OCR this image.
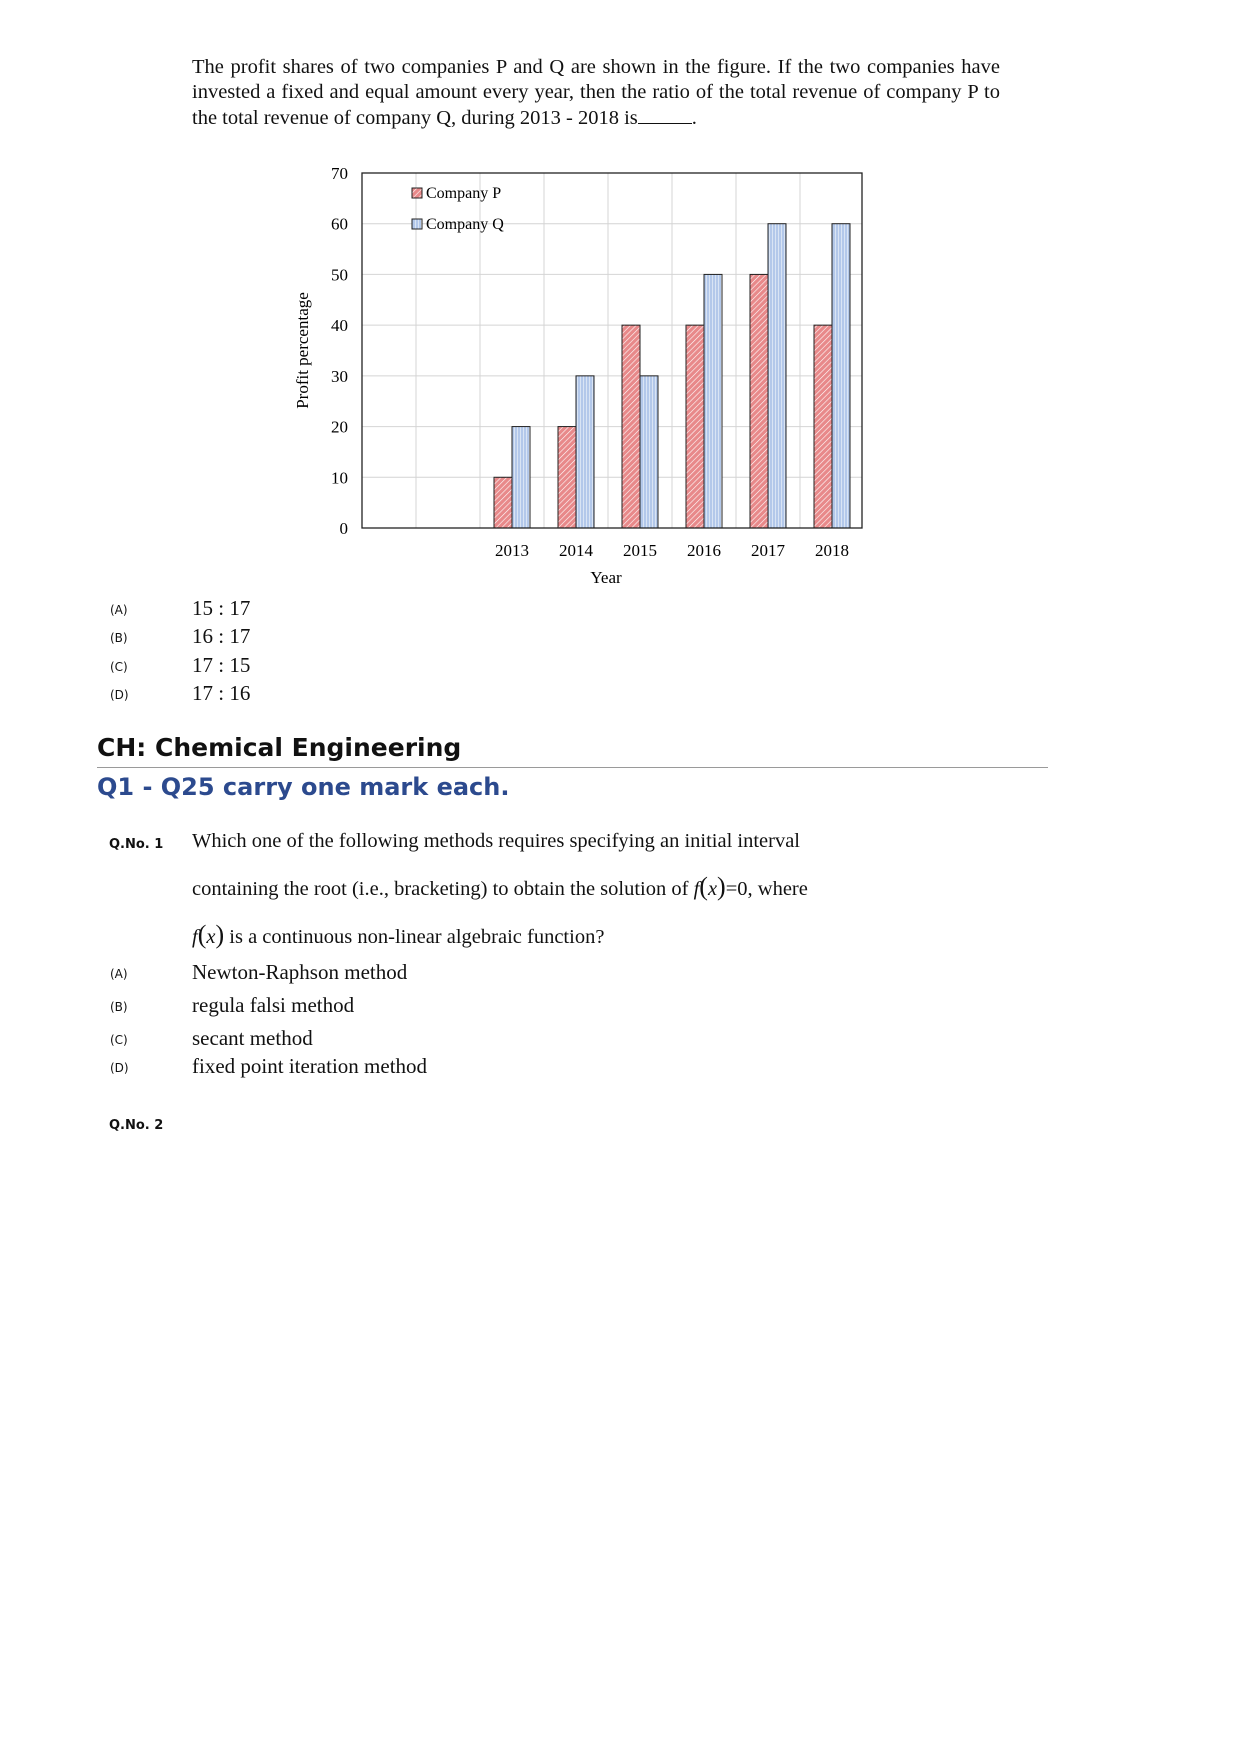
The profit shares of two companies P and Q are shown in the figure. If the two companies have invested a fixed and equal amount every year, then the ratio of the total revenue of company P to the total revenue of company Q, during 2013 - 2018 is	.
0
10
20
30
40
50
60
70
2013 2014 2015 2016 2017 2018
Company P
Company Q
Profit percentage
Year
(A)	15 : 17
(B)	16 : 17
(C)	17 : 15
(D)	17 : 16
CH: Chemical Engineering
Q1 - Q25 carry one mark each.
Q.No. 1 Which one of the following methods requires specifying an initial interval
containing the root (i.e., bracketing) to obtain the solution of f(x)=0, where
f(x) is a continuous non-linear algebraic function?
(A)	Newton-Raphson method
(B)	regula falsi method
(C)	secant method
(D)	fixed point iteration method
Q.No. 2
